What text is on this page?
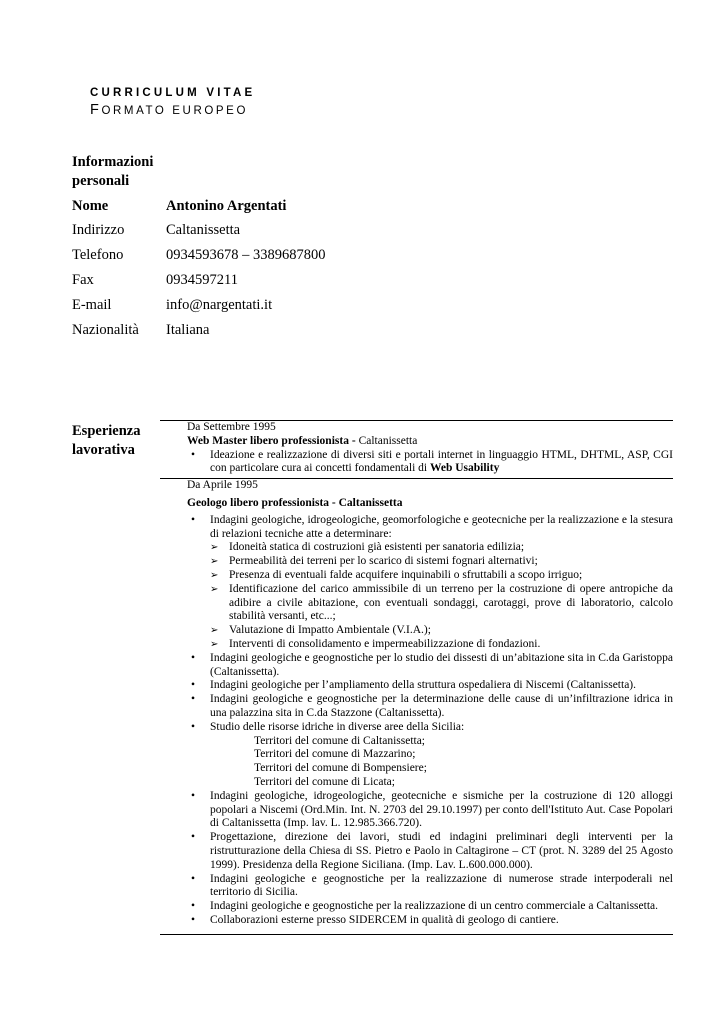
CURRICULUM VITAE
FORMATO EUROPEO
Informazioni personali
Nome	Antonino Argentati
Indirizzo	Caltanissetta
Telefono	0934593678 – 3389687800
Fax	0934597211
E-mail	info@nargentati.it
Nazionalità	Italiana
Esperienza lavorativa

Da Settembre 1995

Web Master libero professionista - Caltanissetta

•	Ideazione e realizzazione di diversi siti e portali internet in linguaggio HTML, DHTML, ASP, CGI con particolare cura ai concetti fondamentali di Web Usability

Da Aprile 1995

Geologo libero professionista - Caltanissetta

•	Indagini geologiche, idrogeologiche, geomorfologiche e geotecniche per la realizzazione e la stesura di relazioni tecniche atte a determinare:
➢ Idoneità statica di costruzioni già esistenti per sanatoria edilizia;
➢ Permeabilità dei terreni per lo scarico di sistemi fognari alternativi;
➢ Presenza di eventuali falde acquifere inquinabili o sfruttabili a scopo irriguo;
➢ Identificazione del carico ammissibile di un terreno per la costruzione di opere antropiche da adibire a civile abitazione, con eventuali sondaggi, carotaggi, prove di laboratorio, calcolo stabilità versanti, etc...;
➢ Valutazione di Impatto Ambientale (V.I.A.);
➢ Interventi di consolidamento e impermeabilizzazione di fondazioni.
•	Indagini geologiche e geognostiche per lo studio dei dissesti di un’abitazione sita in C.da Garistoppa (Caltanissetta).
•	Indagini geologiche per l’ampliamento della struttura ospedaliera di Niscemi (Caltanissetta).
•	Indagini geologiche e geognostiche per la determinazione delle cause di un’infiltrazione idrica in una palazzina sita in C.da Stazzone (Caltanissetta).
•	Studio delle risorse idriche in diverse aree della Sicilia:
Territori del comune di Caltanissetta;
Territori del comune di Mazzarino;
Territori del comune di Bompensiere;
Territori del comune di Licata;
•	Indagini geologiche, idrogeologiche, geotecniche e sismiche per la costruzione di 120 alloggi popolari a Niscemi (Ord.Min. Int. N. 2703 del 29.10.1997) per conto dell'Istituto Aut. Case Popolari di Caltanissetta (Imp. lav. L. 12.985.366.720).
•	Progettazione, direzione dei lavori, studi ed indagini preliminari degli interventi per la ristrutturazione della Chiesa di SS. Pietro e Paolo in Caltagirone – CT (prot. N. 3289 del 25 Agosto 1999). Presidenza della Regione Siciliana. (Imp. Lav. L.600.000.000).
•	Indagini geologiche e geognostiche per la realizzazione di numerose strade interpoderali nel territorio di Sicilia.
•	Indagini geologiche e geognostiche per la realizzazione di un centro commerciale a Caltanissetta.
•	Collaborazioni esterne presso SIDERCEM in qualità di geologo di cantiere.
